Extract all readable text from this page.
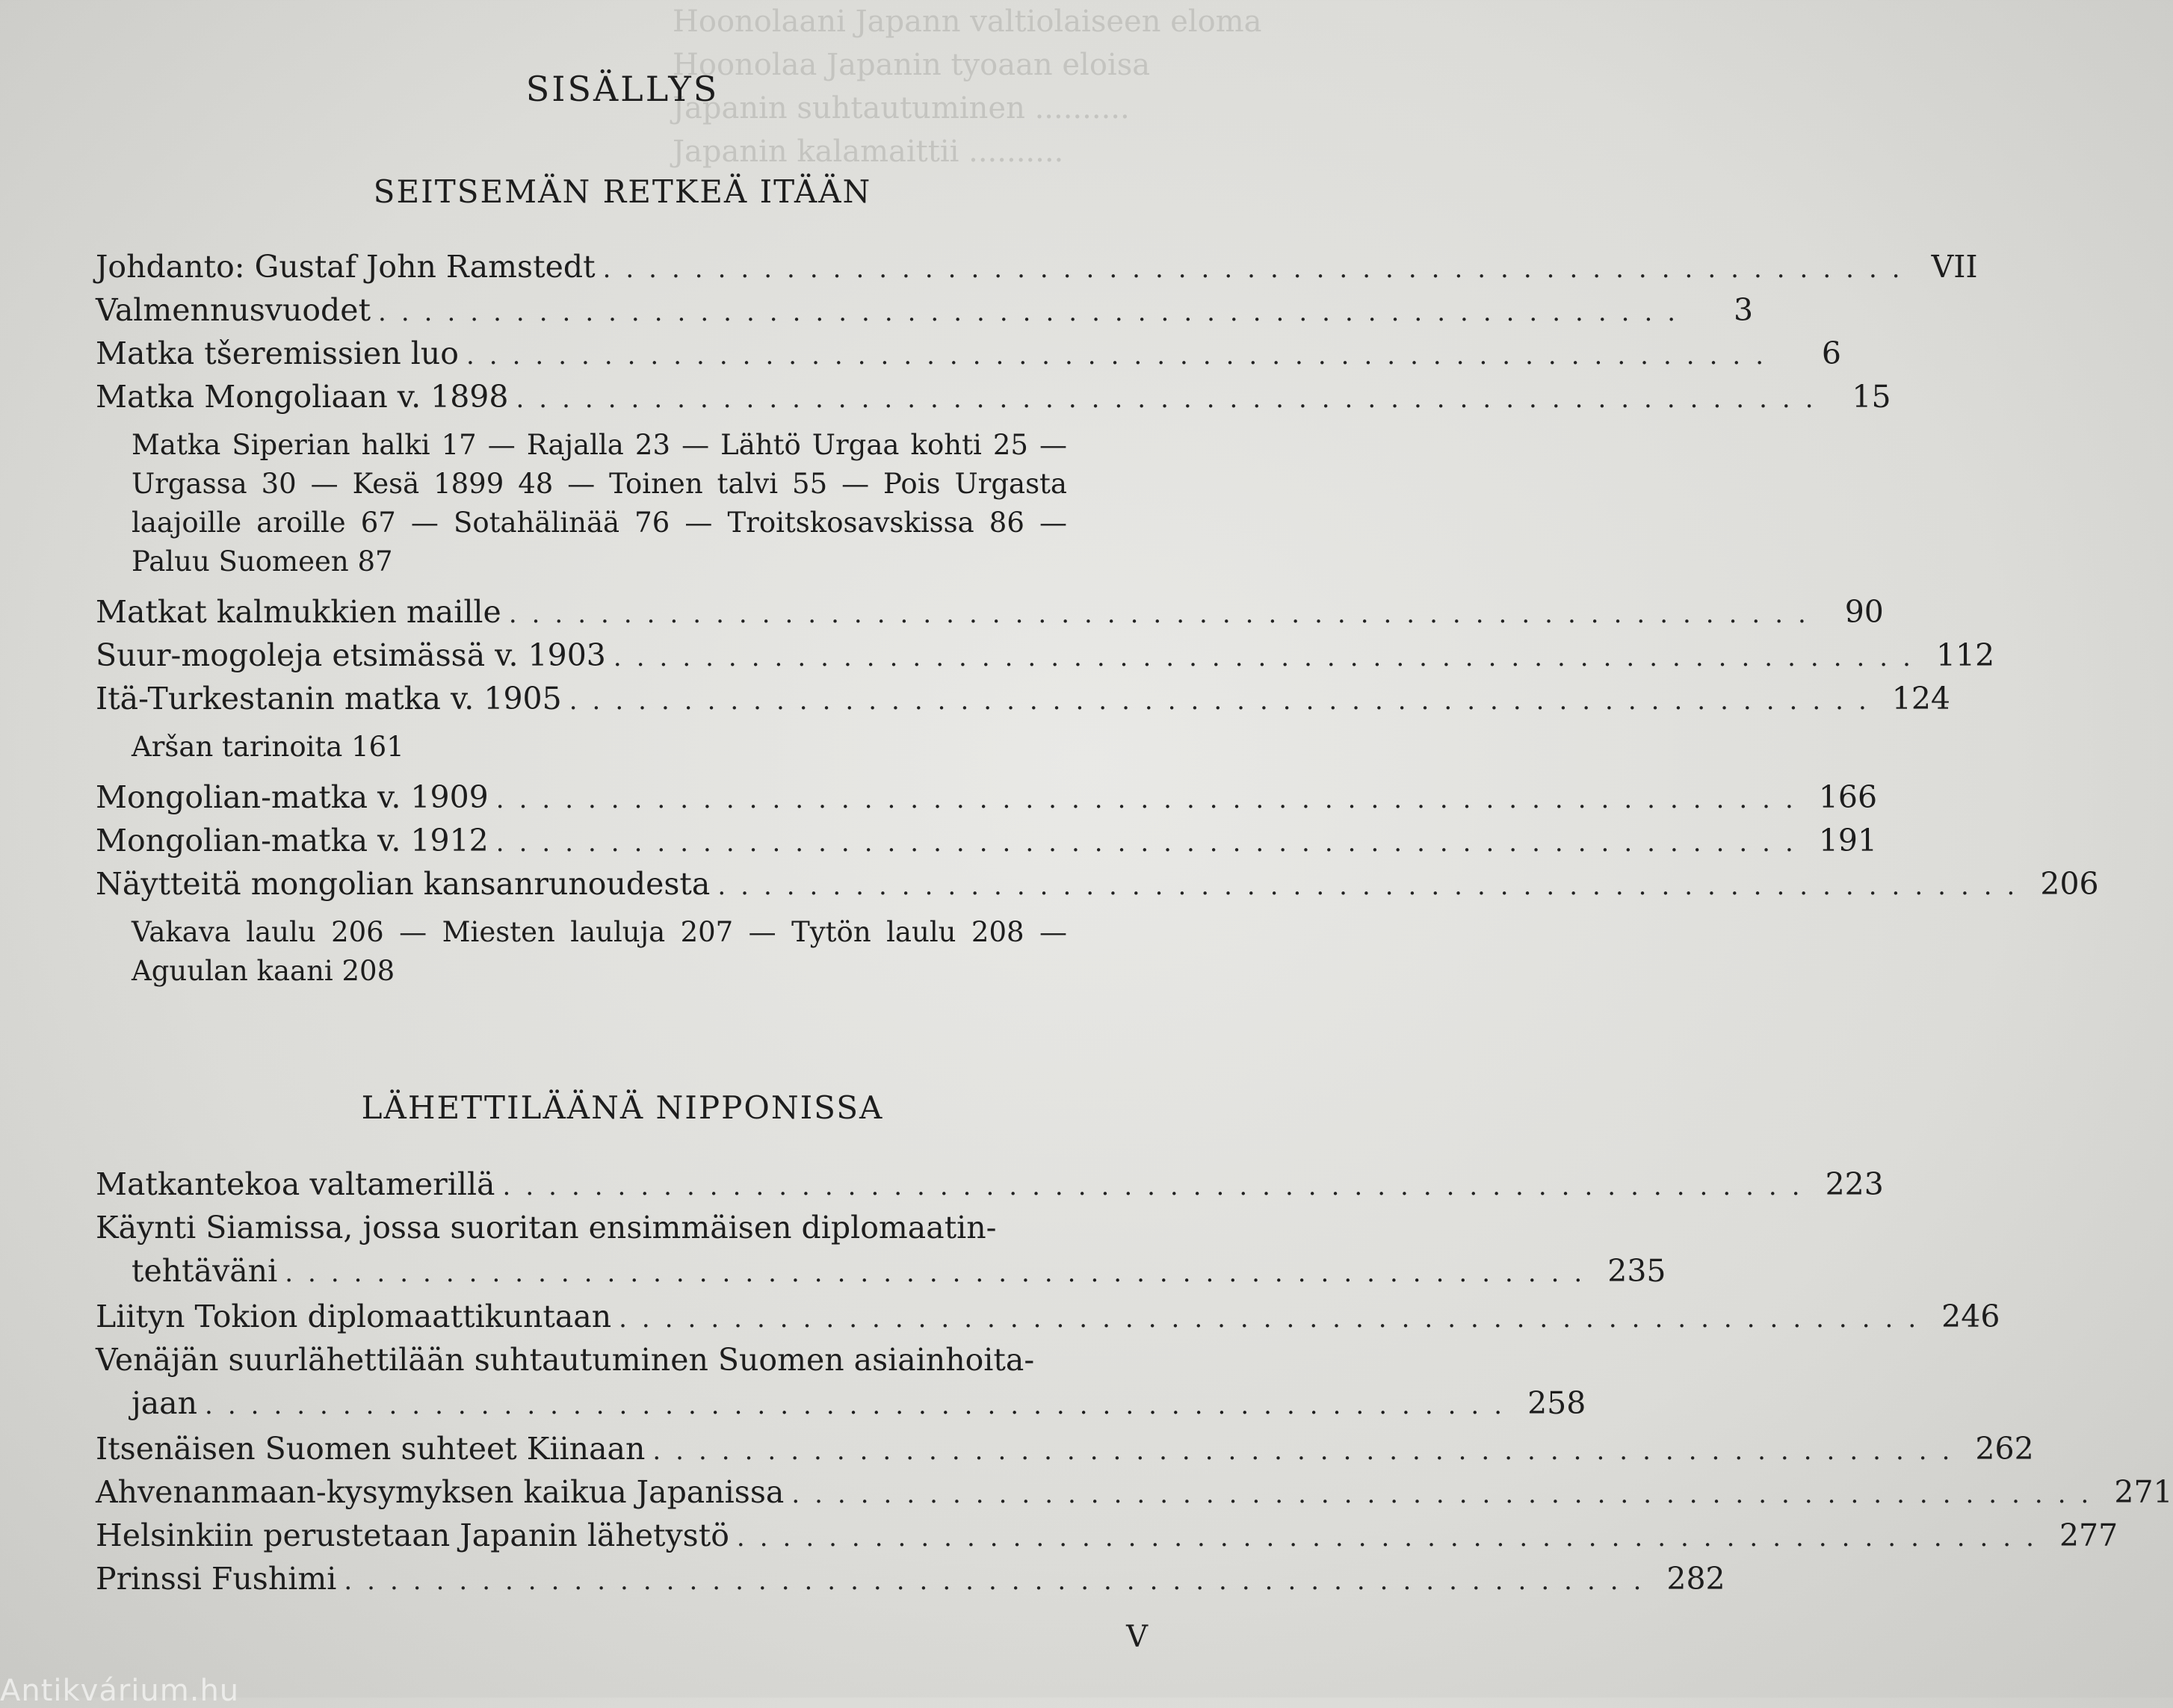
Hoonolaani Japann valtiolaiseen eloma
Hoonolaa Japanin tyoaan eloisa
Japanin suhtautuminen ..........
Japanin kalamaittii ..........
SISÄLLYS
SEITSEMÄN RETKEÄ ITÄÄN
Johdanto: Gustaf John Ramstedt ......................................................... VII
Valmennusvuodet .........................................................	3
Matka tšeremissien luo .........................................................	6
Matka Mongoliaan v. 1898 ......................................................... 15
Matka Siperian halki 17 — Rajalla 23 — Lähtö Urgaa kohti 25 — Urgassa 30 — Kesä 1899 48 — Toinen talvi 55 — Pois Urgasta laajoille aroille 67 — Sotahälinää 76 — Troitskosavskissa 86 — Paluu Suomeen 87
Matkat kalmukkien maille ......................................................... 90
Suur-mogoleja etsimässä v. 1903 ......................................................... 112
Itä-Turkestanin matka v. 1905 ......................................................... 124
Aršan tarinoita 161
Mongolian-matka v. 1909 ......................................................... 166
Mongolian-matka v. 1912 ......................................................... 191
Näytteitä mongolian kansanrunoudesta ......................................................... 206
Vakava laulu 206 — Miesten lauluja 207 — Tytön laulu 208 — Aguulan kaani 208
LÄHETTILÄÄNÄ NIPPONISSA
Matkantekoa valtamerillä ......................................................... 223
Käynti Siamissa, jossa suoritan ensimmäisen diplomaatin-
tehtäväni ......................................................... 235
Liityn Tokion diplomaattikuntaan ......................................................... 246
Venäjän suurlähettilään suhtautuminen Suomen asiainhoita-
jaan ......................................................... 258
Itsenäisen Suomen suhteet Kiinaan ......................................................... 262
Ahvenanmaan-kysymyksen kaikua Japanissa ......................................................... 271
Helsinkiin perustetaan Japanin lähetystö ......................................................... 277
Prinssi Fushimi ......................................................... 282
V
Antikvárium.hu
